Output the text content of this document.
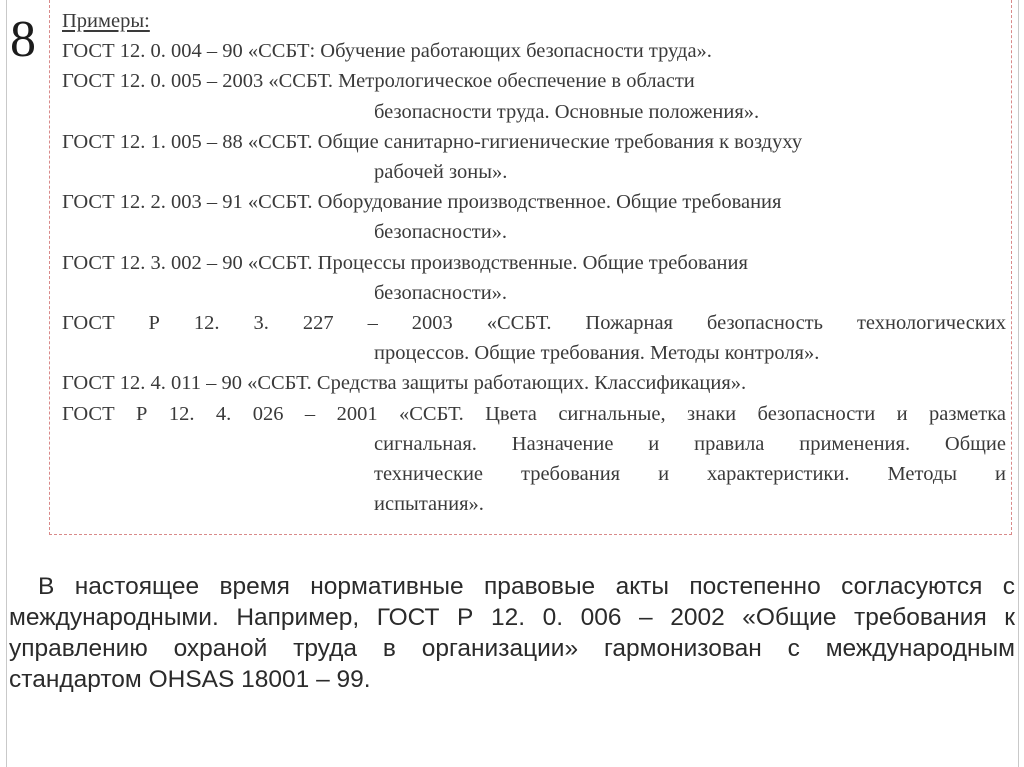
8 Примеры:
ГОСТ 12. 0. 004 – 90 «ССБТ: Обучение работающих безопасности труда».
ГОСТ 12. 0. 005 – 2003 «ССБТ. Метрологическое обеспечение в области
безопасности труда. Основные положения».
ГОСТ 12. 1. 005 – 88 «ССБТ. Общие санитарно-гигиенические требования к воздуху
рабочей зоны».
ГОСТ 12. 2. 003 – 91 «ССБТ. Оборудование производственное. Общие требования
безопасности».
ГОСТ 12. 3. 002 – 90 «ССБТ. Процессы производственные. Общие требования
безопасности».
ГОСТ Р 12. 3. 227 – 2003 «ССБТ. Пожарная безопасность технологических
процессов. Общие требования. Методы контроля».
ГОСТ 12. 4. 011 – 90 «ССБТ. Средства защиты работающих. Классификация».
ГОСТ Р 12. 4. 026 – 2001 «ССБТ. Цвета сигнальные, знаки безопасности и разметка
сигнальная. Назначение и правила применения. Общие
технические требования и характеристики. Методы и
испытания».

В настоящее время нормативные правовые акты постепенно согласуются с международными. Например, ГОСТ Р 12. 0. 006 – 2002 «Общие требования к управлению охраной труда в организации» гармонизован с международным стандартом OHSAS 18001 – 99.
